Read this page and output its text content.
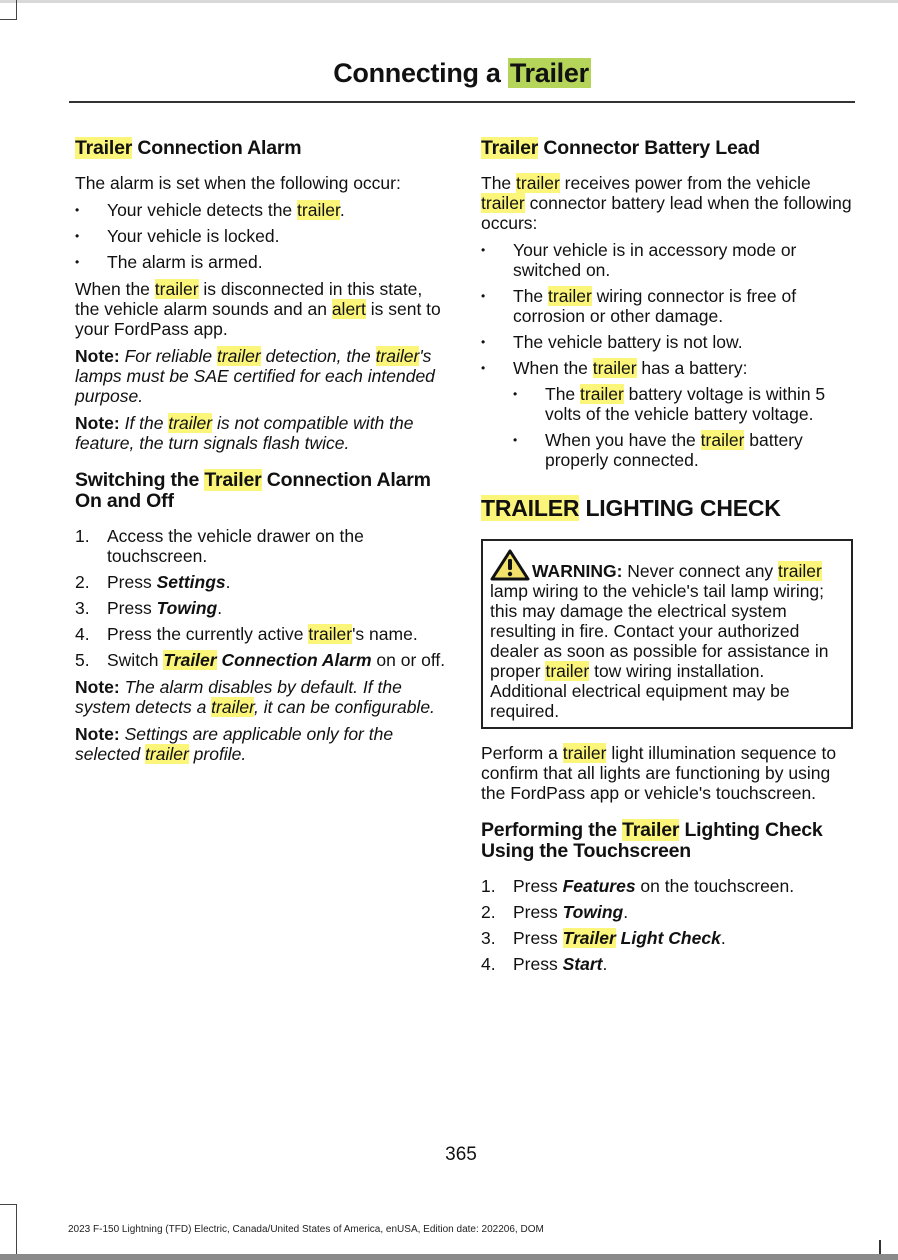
Connecting a Trailer
Trailer Connection Alarm

The alarm is set when the following occur:

• Your vehicle detects the trailer.
• Your vehicle is locked.
• The alarm is armed.

When the trailer is disconnected in this state, the vehicle alarm sounds and an alert is sent to your FordPass app.

Note: For reliable trailer detection, the trailer's lamps must be SAE certified for each intended purpose.

Note: If the trailer is not compatible with the feature, the turn signals flash twice.

Switching the Trailer Connection Alarm On and Off
1. Access the vehicle drawer on the touchscreen.
2. Press Settings.
3. Press Towing.
4. Press the currently active trailer's name.
5. Switch Trailer Connection Alarm on or off.

Note: The alarm disables by default. If the system detects a trailer, it can be configurable.

Note: Settings are applicable only for the selected trailer profile.

Trailer Connector Battery Lead

The trailer receives power from the vehicle trailer connector battery lead when the following occurs:

• Your vehicle is in accessory mode or switched on.
• The trailer wiring connector is free of corrosion or other damage.
• The vehicle battery is not low.
• When the trailer has a battery:
• The trailer battery voltage is within 5 volts of the vehicle battery voltage.
• When you have the trailer battery properly connected.
TRAILER LIGHTING CHECK
WARNING: Never connect any trailer lamp wiring to the vehicle's tail lamp wiring; this may damage the electrical system resulting in fire. Contact your authorized dealer as soon as possible for assistance in proper trailer tow wiring installation. Additional electrical equipment may be required.

Perform a trailer light illumination sequence to confirm that all lights are functioning by using the FordPass app or vehicle's touchscreen.

Performing the Trailer Lighting Check Using the Touchscreen
1. Press Features on the touchscreen.
2. Press Towing.
3. Press Trailer Light Check.
4. Press Start.
365
2023 F-150 Lightning (TFD) Electric, Canada/United States of America, enUSA, Edition date: 202206, DOM
